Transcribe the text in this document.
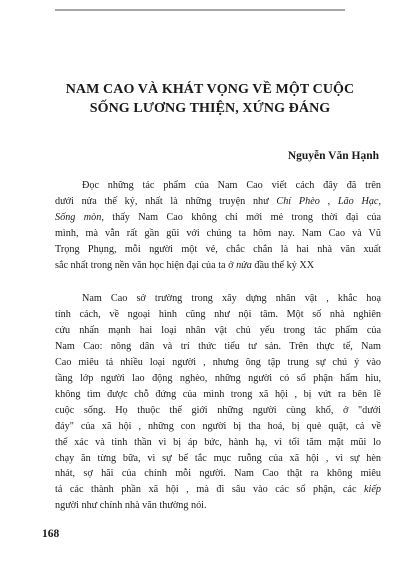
NAM CAO VÀ KHÁT VỌNG VỀ MỘT CUỘC
SỐNG LƯƠNG THIỆN, XỨNG ĐÁNG
Nguyễn Văn Hạnh
Đọc những tác phẩm của Nam Cao viết cách đây đã trên
dưới nửa thế kỷ, nhất là những truyện như Chí Phèo , Lão Hạc,
Sống mòn, thấy Nam Cao không chỉ mới mẻ trong thời đại của
mình, mà vẫn rất gần gũi với chúng ta hôm nay. Nam Cao và Vũ
Trọng Phụng, mỗi người một vẻ, chắc chắn là hai nhà văn xuất
sắc nhất trong nền văn học hiện đại của ta ở nửa đầu thế kỷ XX
Nam Cao sở trường trong xây dựng nhân vật , khắc hoạ
tính cách, về ngoại hình cũng như nội tâm. Một số nhà nghiên
cứu nhấn mạnh hai loại nhân vật chủ yếu trong tác phẩm của
Nam Cao: nông dân và trí thức tiểu tư sản. Trên thực tế, Nam
Cao miêu tả nhiều loại người , nhưng ông tập trung sự chú ý vào
tầng lớp người lao động nghèo, những người có số phận hẩm hiu,
không tìm được chỗ đứng của mình trong xã hội , bị vứt ra bên lề
cuộc sống. Họ thuộc thế giới những người cùng khổ, ở "dưới
đáy" của xã hội , những con người bị tha hoá, bị què quặt, cả về
thể xác và tinh thần vì bị áp bức, hành hạ, vì tối tăm mặt mũi lo
chạy ăn từng bữa, vì sự bế tắc mục ruỗng của xã hội , vì sự hèn
nhát, sợ hãi của chính mỗi người. Nam Cao thật ra không miêu
tả các thành phần xã hội , mà đi sâu vào các số phận, các kiếp
người như chính nhà văn thường nói.
168
